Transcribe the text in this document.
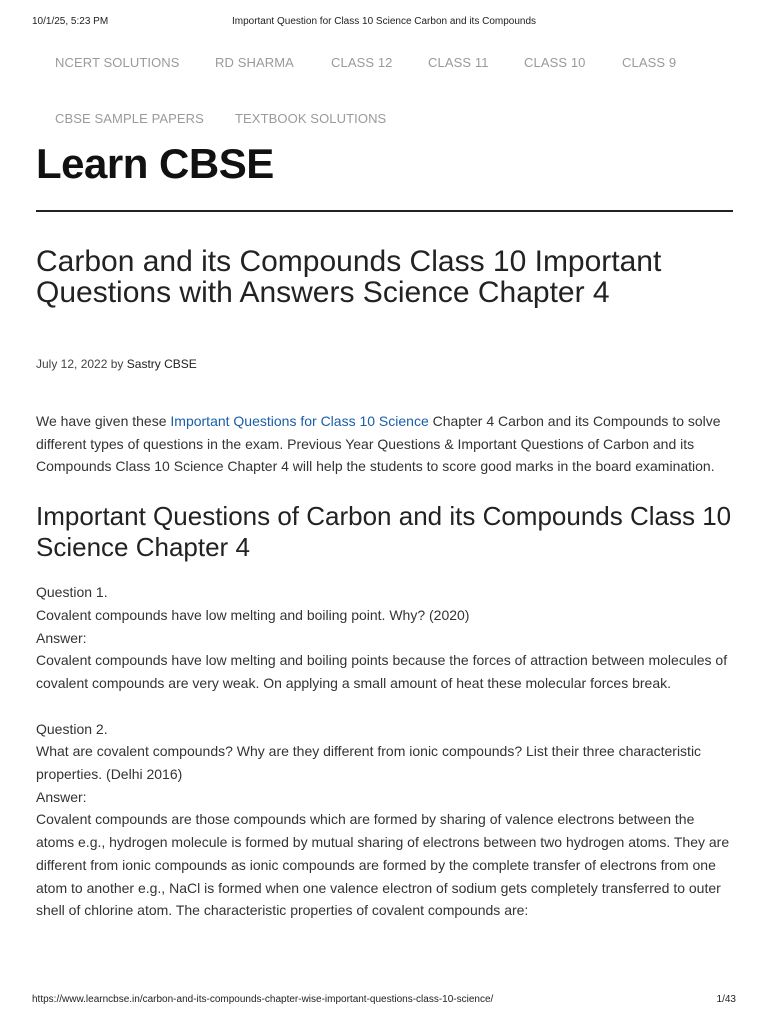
10/1/25, 5:23 PM	Important Question for Class 10 Science Carbon and its Compounds
NCERT SOLUTIONS	RD SHARMA	CLASS 12	CLASS 11	CLASS 10	CLASS 9
CBSE SAMPLE PAPERS TEXTBOOK SOLUTIONS
Learn CBSE
Carbon and its Compounds Class 10 Important Questions with Answers Science Chapter 4
July 12, 2022 by Sastry CBSE

We have given these Important Questions for Class 10 Science Chapter 4 Carbon and its Compounds to solve different types of questions in the exam. Previous Year Questions & Important Questions of Carbon and its Compounds Class 10 Science Chapter 4 will help the students to score good marks in the board examination.

Important Questions of Carbon and its Compounds Class 10 Science Chapter 4

Question 1.

Covalent compounds have low melting and boiling point. Why? (2020)

Answer:

Covalent compounds have low melting and boiling points because the forces of attraction between molecules of covalent compounds are very weak. On applying a small amount of heat these molecular forces break.

Question 2.

What are covalent compounds? Why are they different from ionic compounds? List their three characteristic properties. (Delhi 2016)

Answer:

Covalent compounds are those compounds which are formed by sharing of valence electrons between the atoms e.g., hydrogen molecule is formed by mutual sharing of electrons between two hydrogen atoms. They are different from ionic compounds as ionic compounds are formed by the complete transfer of electrons from one atom to another e.g., NaCl is formed when one valence electron of sodium gets completely transferred to outer shell of chlorine atom. The characteristic properties of covalent compounds are:

https://www.learncbse.in/carbon-and-its-compounds-chapter-wise-important-questions-class-10-science/	1/43
